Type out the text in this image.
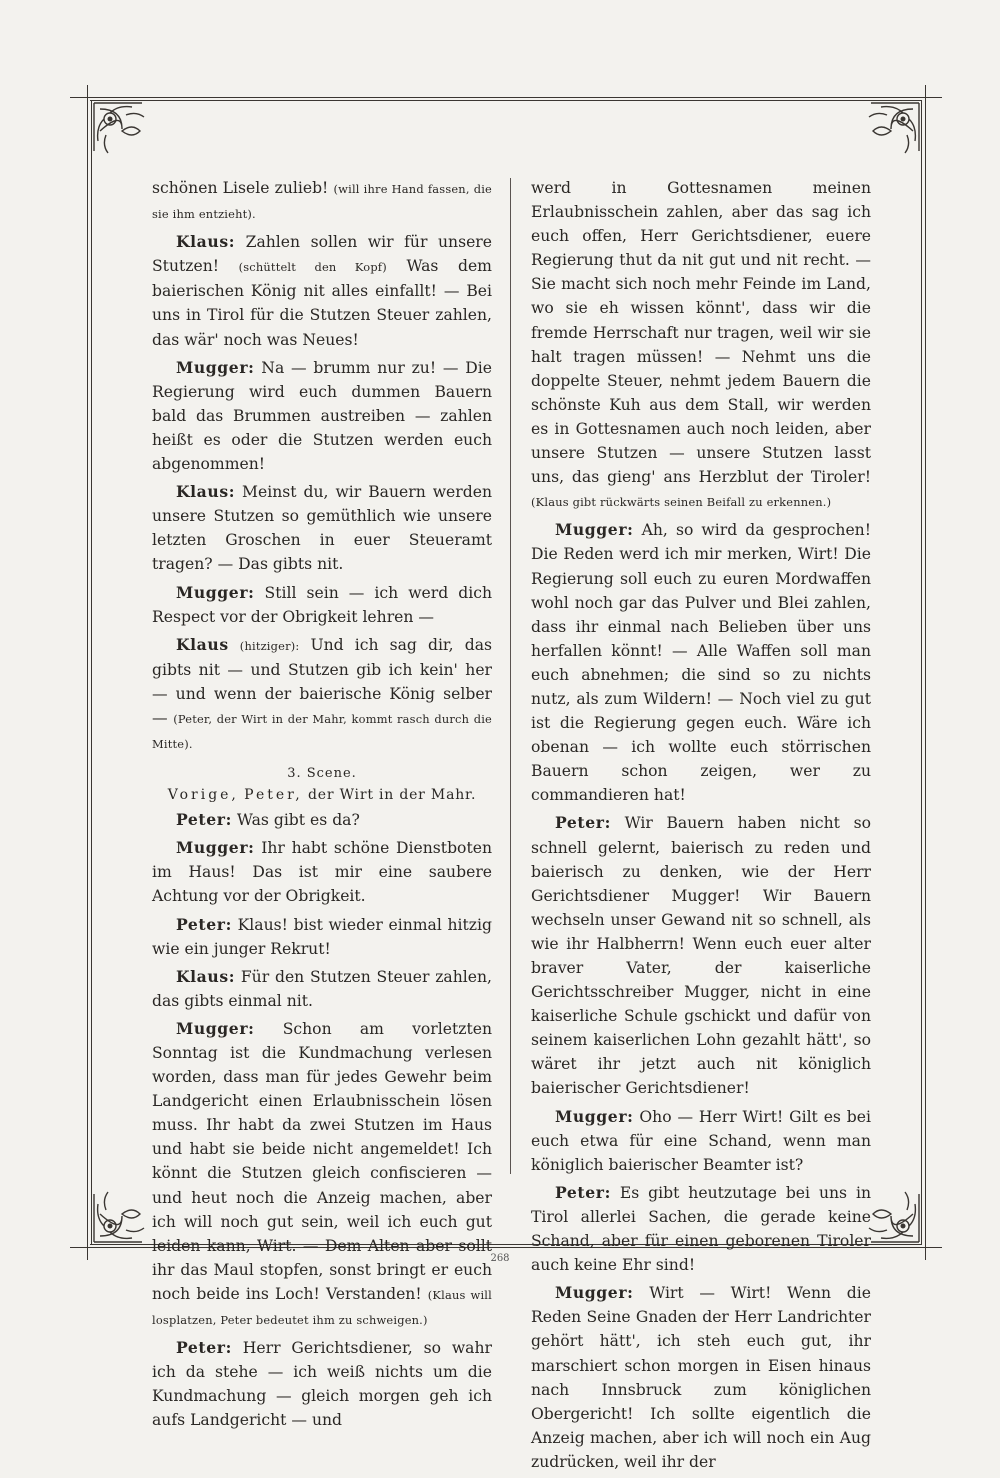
schönen Lisele zulieb! (will ihre Hand fassen, die sie ihm entzieht).

Klaus: Zahlen sollen wir für unsere Stutzen! (schüttelt den Kopf) Was dem baierischen König nit alles einfallt! — Bei uns in Tirol für die Stutzen Steuer zahlen, das wär' noch was Neues!

Mugger: Na — brumm nur zu! — Die Regierung wird euch dummen Bauern bald das Brummen austreiben — zahlen heißt es oder die Stutzen werden euch abgenommen!

Klaus: Meinst du, wir Bauern werden unsere Stutzen so gemüthlich wie unsere letzten Groschen in euer Steueramt tragen? — Das gibts nit.

Mugger: Still sein — ich werd dich Respect vor der Obrigkeit lehren —

Klaus (hitziger): Und ich sag dir, das gibts nit — und Stutzen gib ich kein' her — und wenn der baierische König selber — (Peter, der Wirt in der Mahr, kommt rasch durch die Mitte).

3. Scene.
Vorige, Peter, der Wirt in der Mahr.

Peter: Was gibt es da?

Mugger: Ihr habt schöne Dienstboten im Haus! Das ist mir eine saubere Achtung vor der Obrigkeit.

Peter: Klaus! bist wieder einmal hitzig wie ein junger Rekrut!

Klaus: Für den Stutzen Steuer zahlen, das gibts einmal nit.

Mugger: Schon am vorletzten Sonntag ist die Kundmachung verlesen worden, dass man für jedes Gewehr beim Landgericht einen Erlaubnisschein lösen muss. Ihr habt da zwei Stutzen im Haus und habt sie beide nicht angemeldet! Ich könnt die Stutzen gleich confiscieren — und heut noch die Anzeig machen, aber ich will noch gut sein, weil ich euch gut leiden kann, Wirt. — Dem Alten aber sollt ihr das Maul stopfen, sonst bringt er euch noch beide ins Loch! Verstanden! (Klaus will losplatzen, Peter bedeutet ihm zu schweigen.)

Peter: Herr Gerichtsdiener, so wahr ich da stehe — ich weiß nichts um die Kundmachung — gleich morgen geh ich aufs Landgericht — und

werd in Gottesnamen meinen Erlaubnisschein zahlen, aber das sag ich euch offen, Herr Gerichtsdiener, euere Regierung thut da nit gut und nit recht. — Sie macht sich noch mehr Feinde im Land, wo sie eh wissen könnt', dass wir die fremde Herrschaft nur tragen, weil wir sie halt tragen müssen! — Nehmt uns die doppelte Steuer, nehmt jedem Bauern die schönste Kuh aus dem Stall, wir werden es in Gottesnamen auch noch leiden, aber unsere Stutzen — unsere Stutzen lasst uns, das gieng' ans Herzblut der Tiroler! (Klaus gibt rückwärts seinen Beifall zu erkennen.)

Mugger: Ah, so wird da gesprochen! Die Reden werd ich mir merken, Wirt! Die Regierung soll euch zu euren Mordwaffen wohl noch gar das Pulver und Blei zahlen, dass ihr einmal nach Belieben über uns herfallen könnt! — Alle Waffen soll man euch abnehmen; die sind so zu nichts nutz, als zum Wildern! — Noch viel zu gut ist die Regierung gegen euch. Wäre ich obenan — ich wollte euch störrischen Bauern schon zeigen, wer zu commandieren hat!

Peter: Wir Bauern haben nicht so schnell gelernt, baierisch zu reden und baierisch zu denken, wie der Herr Gerichtsdiener Mugger! Wir Bauern wechseln unser Gewand nit so schnell, als wie ihr Halbherrn! Wenn euch euer alter braver Vater, der kaiserliche Gerichtsschreiber Mugger, nicht in eine kaiserliche Schule gschickt und dafür von seinem kaiserlichen Lohn gezahlt hätt', so wäret ihr jetzt auch nit königlich baierischer Gerichtsdiener!

Mugger: Oho — Herr Wirt! Gilt es bei euch etwa für eine Schand, wenn man königlich baierischer Beamter ist?

Peter: Es gibt heutzutage bei uns in Tirol allerlei Sachen, die gerade keine Schand, aber für einen geborenen Tiroler auch keine Ehr sind!

Mugger: Wirt — Wirt! Wenn die Reden Seine Gnaden der Herr Landrichter gehört hätt', ich steh euch gut, ihr marschiert schon morgen in Eisen hinaus nach Innsbruck zum königlichen Obergericht! Ich sollte eigentlich die Anzeig machen, aber ich will noch ein Aug zudrücken, weil ihr der

268
